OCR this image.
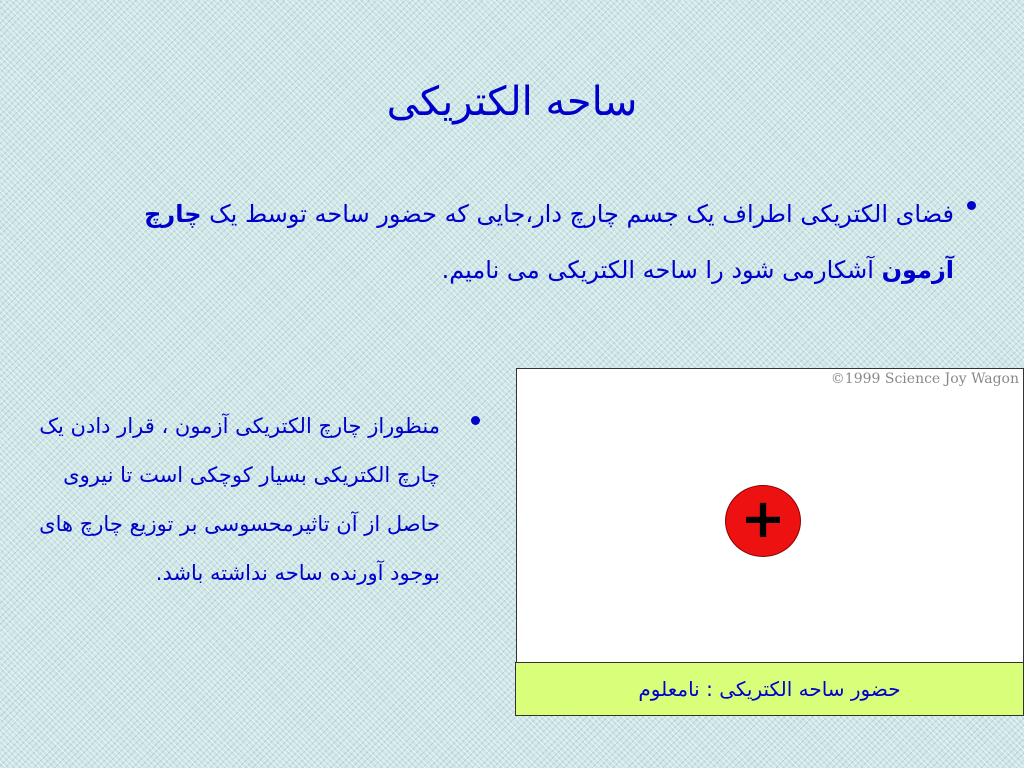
ساحه الکتریکی
فضای الکتریکی اطراف یک جسم چارچ دار،جایی که حضور ساحه توسط یک چارچ آزمون آشکارمی شود را ساحه الکتریکی می نامیم.
منظوراز چارچ الکتریکی آزمون ، قرار دادن یک چارچ الکتریکی بسیار کوچکی است تا نیروی حاصل از آن تاثیرمحسوسی بر توزیع چارچ های بوجود آورنده ساحه نداشته باشد.
©1999 Science Joy Wagon
+
حضور ساحه الکتریکی : نامعلوم
